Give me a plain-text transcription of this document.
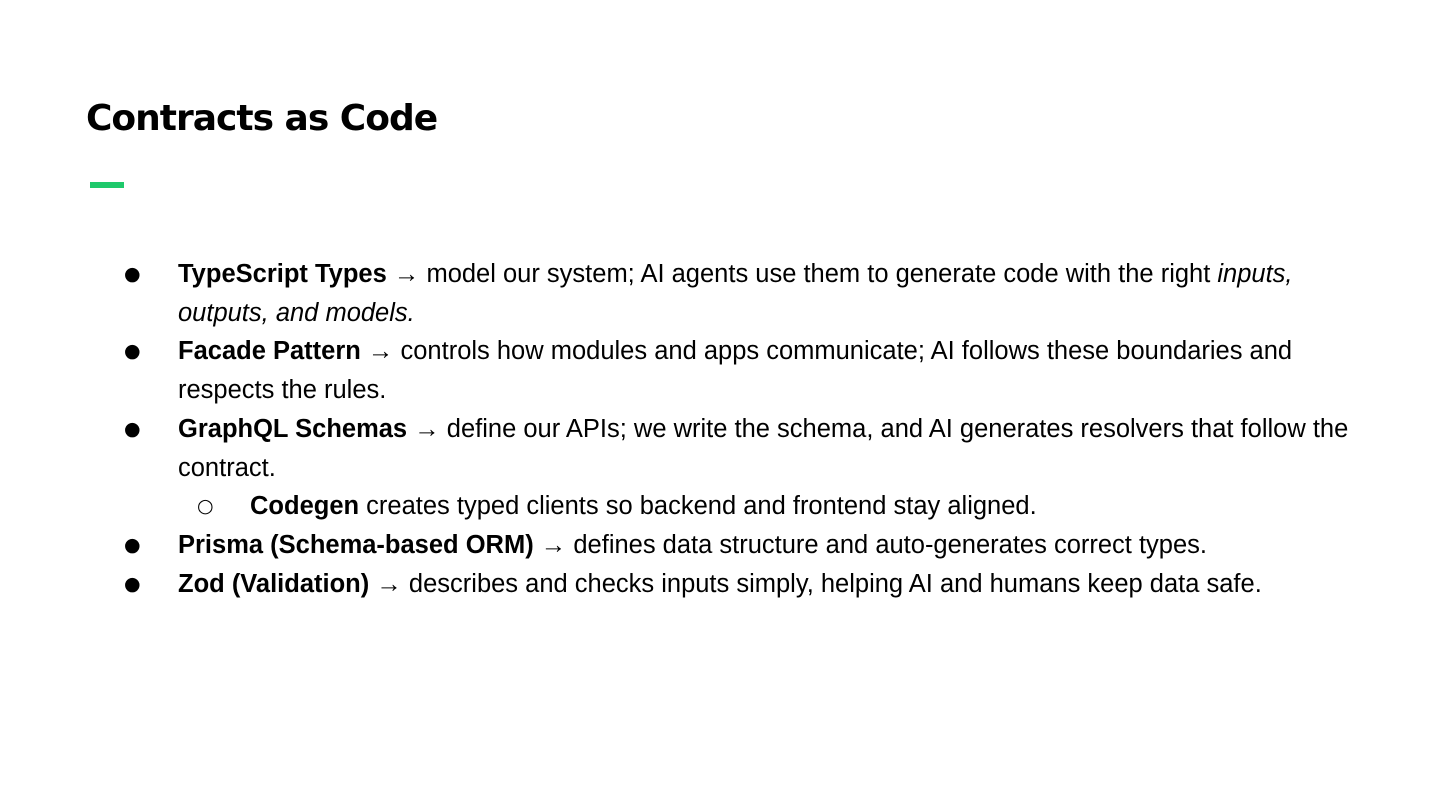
Contracts as Code
● TypeScript Types → model our system; AI agents use them to generate code with the right inputs, outputs, and models.
● Facade Pattern → controls how modules and apps communicate; AI follows these boundaries and respects the rules.
● GraphQL Schemas → define our APIs; we write the schema, and AI generates resolvers that follow the contract.
○ Codegen creates typed clients so backend and frontend stay aligned.
● Prisma (Schema-based ORM) → defines data structure and auto-generates correct types.
● Zod (Validation) → describes and checks inputs simply, helping AI and humans keep data safe.
